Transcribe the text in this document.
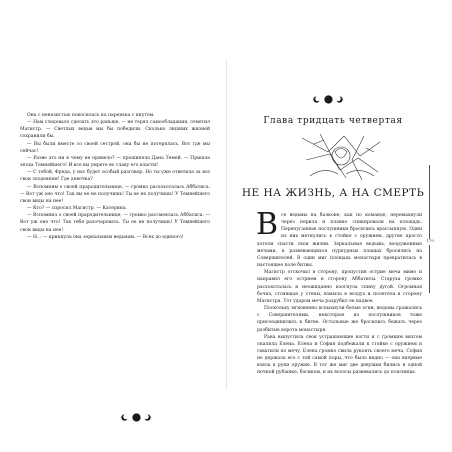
Она с неназистью покосилась на паренька с кнутом.

— Нам следовало сделать это раньше, — не терял самообладания, отметил Магистр. — Светлых ведьм мы бы победили. Сколько лишних жизней сохранили бы.

— Вы были вместе со своей сестрой, она бы не потерялась. Вот где мы сейчас!

— Разве это ни к чему не привело? — прошипела Дана Темей. — Пришла эпоха Темнейшего! И все вы умрете во славу его власти!

— С тобой, Фреда, у нас будет особый разговор. Но ты уже ответила за все свои злодеяния! Где девочка?

— Вспомним о своей прародительнице, — громко расхохоталась Аббатиса. — Вот уж оно что! Так вы ее не получишь! Ты ее не получишь! У Темнейшего свои виды на нее!

— Кто? — спросил Магистр. — Катерина.

— Вспомнил о своей прародительнице, — громко рассмеялась Аббатиса. — Вот уж оно что! Так тебя разочаровать. Ты ее не получишь! У Темнейшего свои виды на нее!

— Н... — крикнула она зеркальным ведьмам. — Всех до единого!

Глава тридцать четвертая
НЕ НА ЖИЗНЬ, А НА СМЕРТЬ
В се ведьмы на балконе, как по команде, перемахнули через перила и плавно спикировали на площадь. Перепуганные послушники бросились врассыпную. Одни из них метнулись к стойке с оружием, другие просто хотели спасти свои жизни. Зеркальные ведьмы, вооруженные мечами, в развевающихся пурпурных плащах бросились на Совершителей. В один миг площадь монастыря превратилась в настоящее поле битвы.

Магистр отскочил в сторону, пропустив острие меча мимо и направил его острием в сторону Аббатисы. Старуха громко расхохоталась и неожиданно изогнула спину дугой. Огромная бочка, стоявшая у стены, взмыла в воздух и полетела в сторону Магистра. Тот ударом меча разрубил ее надвое.

Поскольку мгновенно вспыхнули белые огни, ведьмы сражались с Совершителями, некоторые из послушников тоже присоединились к битве. Остальные же бросились бежать через разбитые ворота монастыря.

Рана выпустила свои устрашающие когти и с громким визгом опалила Елена. Елена и София подбежали к стойке с оружием и схватили по мечу. Елена громко свила рукоять своего меча, София не держала его с той самой поры, что было видно — она впервые взяла в руки оружие. В тот же миг две девушки бились в одной ночной рубашке, босиком, и их волосы развевались до поясницы.

179
